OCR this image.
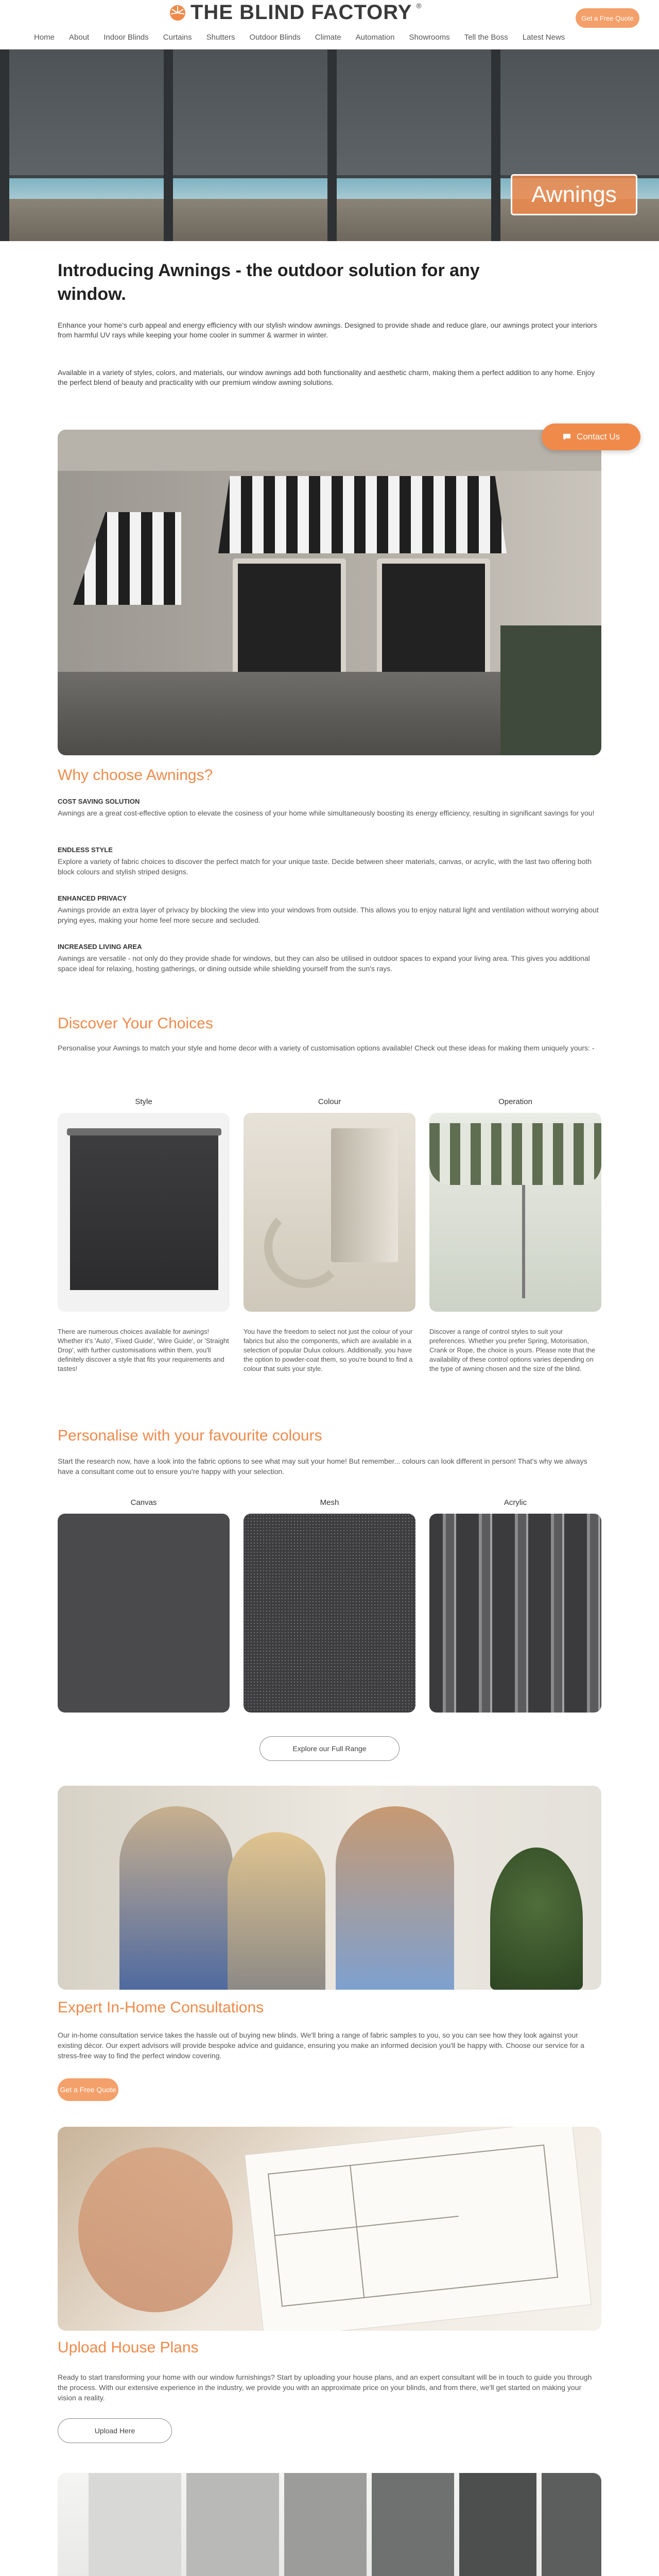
THE BLIND FACTORY ®
Get a Free Quote
Home	About	Indoor Blinds	Curtains	Shutters	Outdoor Blinds	Climate	Automation	Showrooms	Tell the Boss	Latest News
Awnings
Introducing Awnings - the outdoor solution for any window.

Enhance your home's curb appeal and energy efficiency with our stylish window awnings. Designed to provide shade and reduce glare, our awnings protect your interiors from harmful UV rays while keeping your home cooler in summer & warmer in winter.

Available in a variety of styles, colors, and materials, our window awnings add both functionality and aesthetic charm, making them a perfect addition to any home. Enjoy the perfect blend of beauty and practicality with our premium window awning solutions.

Contact Us
Why choose Awnings?
COST SAVING SOLUTION

Awnings are a great cost-effective option to elevate the cosiness of your home while simultaneously boosting its energy efficiency, resulting in significant savings for you!

ENDLESS STYLE

Explore a variety of fabric choices to discover the perfect match for your unique taste. Decide between sheer materials, canvas, or acrylic, with the last two offering both block colours and stylish striped designs.

ENHANCED PRIVACY

Awnings provide an extra layer of privacy by blocking the view into your windows from outside. This allows you to enjoy natural light and ventilation without worrying about prying eyes, making your home feel more secure and secluded.

INCREASED LIVING AREA

Awnings are versatile - not only do they provide shade for windows, but they can also be utilised in outdoor spaces to expand your living area. This gives you additional space ideal for relaxing, hosting gatherings, or dining outside while shielding yourself from the sun's rays.

Discover Your Choices

Personalise your Awnings to match your style and home decor with a variety of customisation options available! Check out these ideas for making them uniquely yours: -

Style	Colour	Operation

There are numerous choices available for awnings! Whether it's 'Auto', 'Fixed Guide', 'Wire Guide', or 'Straight Drop', with further customisations within them, you'll definitely discover a style that fits your requirements and tastes!

You have the freedom to select not just the colour of your fabrics but also the components, which are available in a selection of popular Dulux colours. Additionally, you have the option to powder-coat them, so you're bound to find a colour that suits your style.

Discover a range of control styles to suit your preferences. Whether you prefer Spring, Motorisation, Crank or Rope, the choice is yours. Please note that the availability of these control options varies depending on the type of awning chosen and the size of the blind.

Personalise with your favourite colours

Start the research now, have a look into the fabric options to see what may suit your home! But remember... colours can look different in person! That's why we always have a consultant come out to ensure you're happy with your selection.

Canvas	Mesh	Acrylic
Explore our Full Range
Expert In-Home Consultations

Our in-home consultation service takes the hassle out of buying new blinds. We'll bring a range of fabric samples to you, so you can see how they look against your existing décor. Our expert advisors will provide bespoke advice and guidance, ensuring you make an informed decision you'll be happy with. Choose our service for a stress-free way to find the perfect window covering.

Get a Free Quote
Upload House Plans

Ready to start transforming your home with our window furnishings? Start by uploading your house plans, and an expert consultant will be in touch to guide you through the process. With our extensive experience in the industry, we provide you with an approximate price on your blinds, and from there, we'll get started on making your vision a reality.

Upload Here
